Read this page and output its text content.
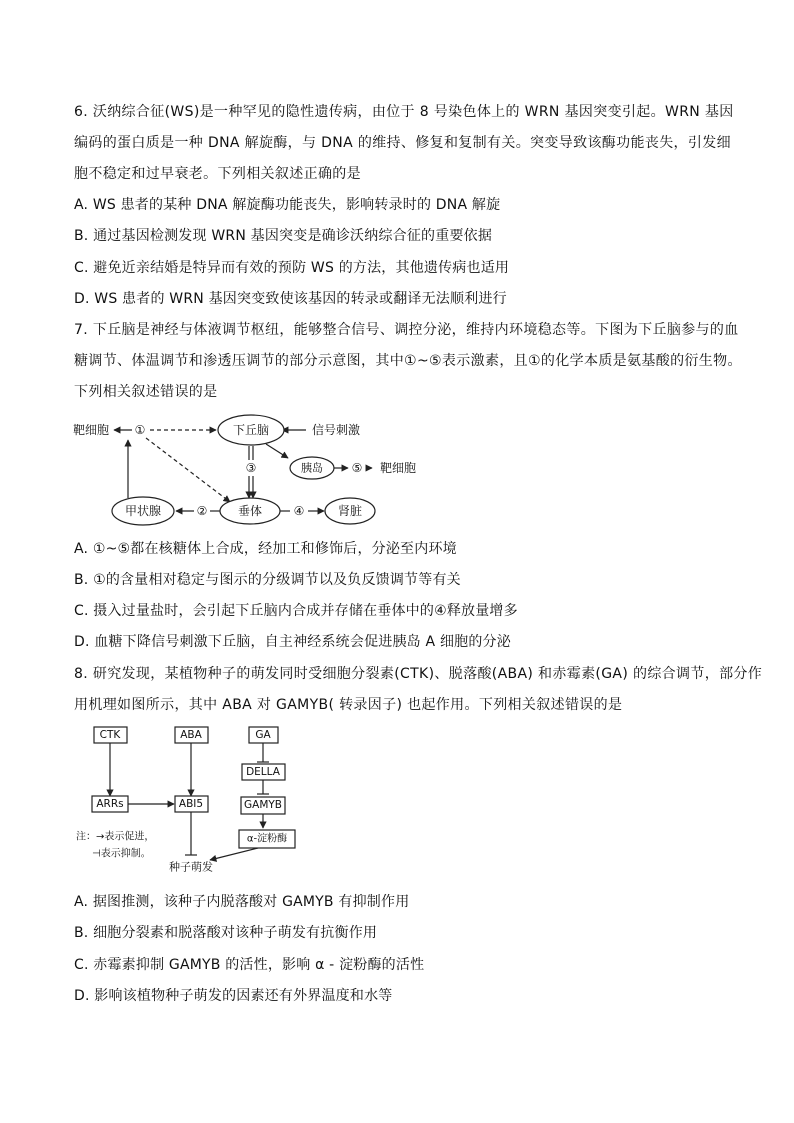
6. 沃纳综合征(WS)是一种罕见的隐性遗传病，由位于 8 号染色体上的 WRN 基因突变引起。WRN 基因
编码的蛋白质是一种 DNA 解旋酶，与 DNA 的维持、修复和复制有关。突变导致该酶功能丧失，引发细
胞不稳定和过早衰老。下列相关叙述正确的是
A. WS 患者的某种 DNA 解旋酶功能丧失，影响转录时的 DNA 解旋
B. 通过基因检测发现 WRN 基因突变是确诊沃纳综合征的重要依据
C. 避免近亲结婚是特异而有效的预防 WS 的方法，其他遗传病也适用
D. WS 患者的 WRN 基因突变致使该基因的转录或翻译无法顺利进行
7. 下丘脑是神经与体液调节枢纽，能够整合信号、调控分泌，维持内环境稳态等。下图为下丘脑参与的血
糖调节、体温调节和渗透压调节的部分示意图，其中①~⑤表示激素，且①的化学本质是氨基酸的衍生物。
下列相关叙述错误的是
靶细胞 ①	下丘脑	信号刺激
③	胰岛 ⑤ 靶细胞
甲状腺	②	垂体	④	肾脏
A. ①~⑤都在核糖体上合成，经加工和修饰后，分泌至内环境
B. ①的含量相对稳定与图示的分级调节以及负反馈调节等有关
C. 摄入过量盐时，会引起下丘脑内合成并存储在垂体中的④释放量增多
D. 血糖下降信号刺激下丘脑，自主神经系统会促进胰岛 A 细胞的分泌
8. 研究发现，某植物种子的萌发同时受细胞分裂素(CTK)、脱落酸(ABA) 和赤霉素(GA) 的综合调节，部分作
用机理如图所示，其中 ABA 对 GAMYB( 转录因子) 也起作用。下列相关叙述错误的是
CTK	ABA	GA
DELLA
ARRs	ABI5	GAMYB
α-淀粉酶
种子萌发
注：→表示促进，
⊣表示抑制。
A. 据图推测，该种子内脱落酸对 GAMYB 有抑制作用
B. 细胞分裂素和脱落酸对该种子萌发有抗衡作用
C. 赤霉素抑制 GAMYB 的活性，影响 α - 淀粉酶的活性
D. 影响该植物种子萌发的因素还有外界温度和水等
